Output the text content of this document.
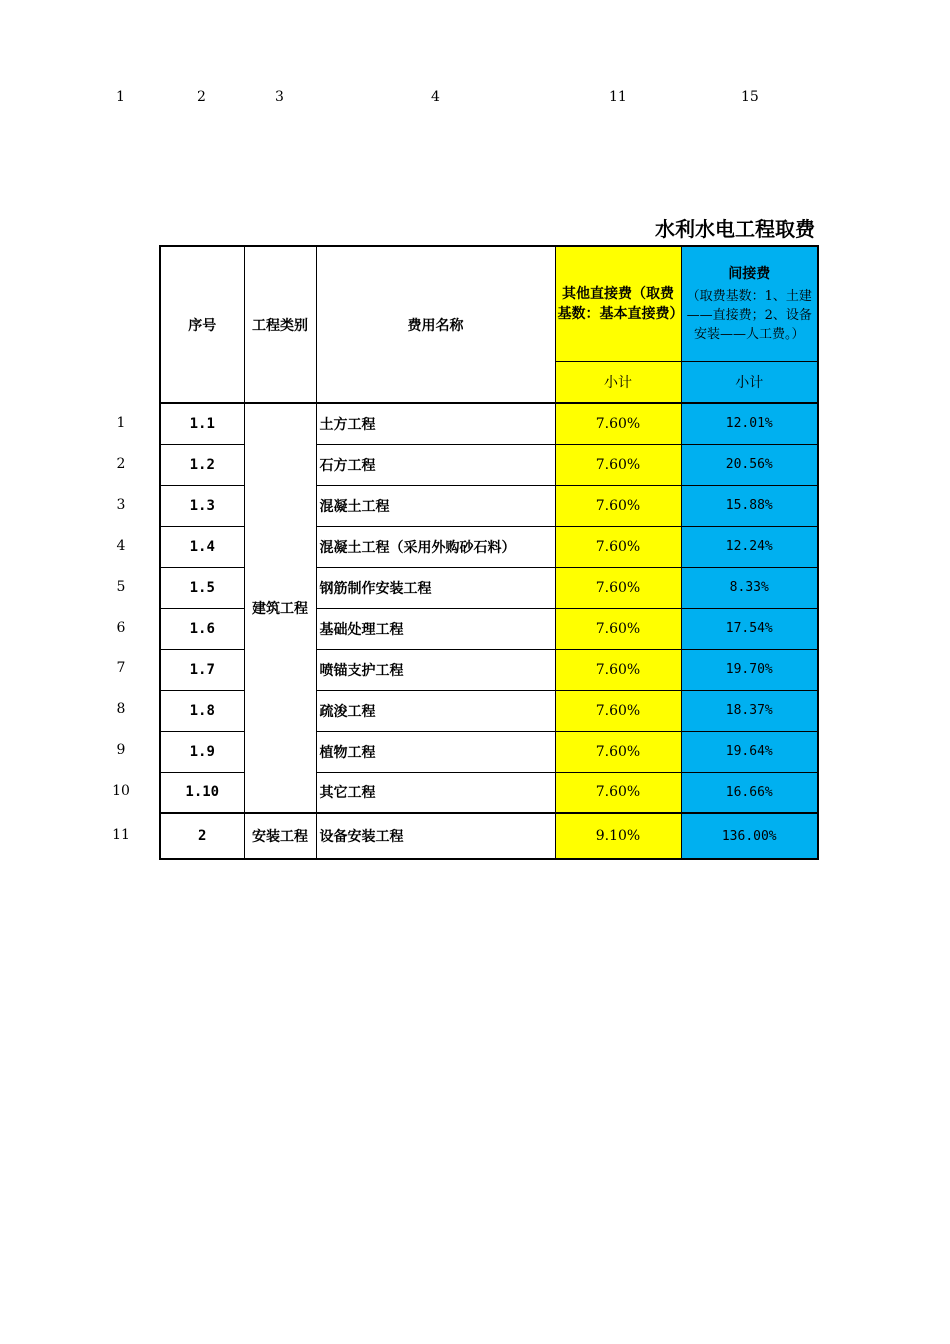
1	2	3	4	11	15
水利水电工程取费
1
2
3
4
5
6
7
8
9
10
11
序号	工程类别	费用名称	其他直接费（取费基数：基本直接费）	间接费
（取费基数：1、土建——直接费；2、设备安装——人工费。）

			小计	小计
1.1	建筑工程	土方工程	7.60%	12.01%
1.2		石方工程	7.60%	20.56%
1.3		混凝土工程	7.60%	15.88%
1.4		混凝土工程（采用外购砂石料）	7.60%	12.24%
1.5		钢筋制作安装工程	7.60%	8.33%
1.6		基础处理工程	7.60%	17.54%
1.7		喷锚支护工程	7.60%	19.70%
1.8		疏浚工程	7.60%	18.37%
1.9		植物工程	7.60%	19.64%
1.10		其它工程	7.60%	16.66%
2	安装工程	设备安装工程	9.10%	136.00%
